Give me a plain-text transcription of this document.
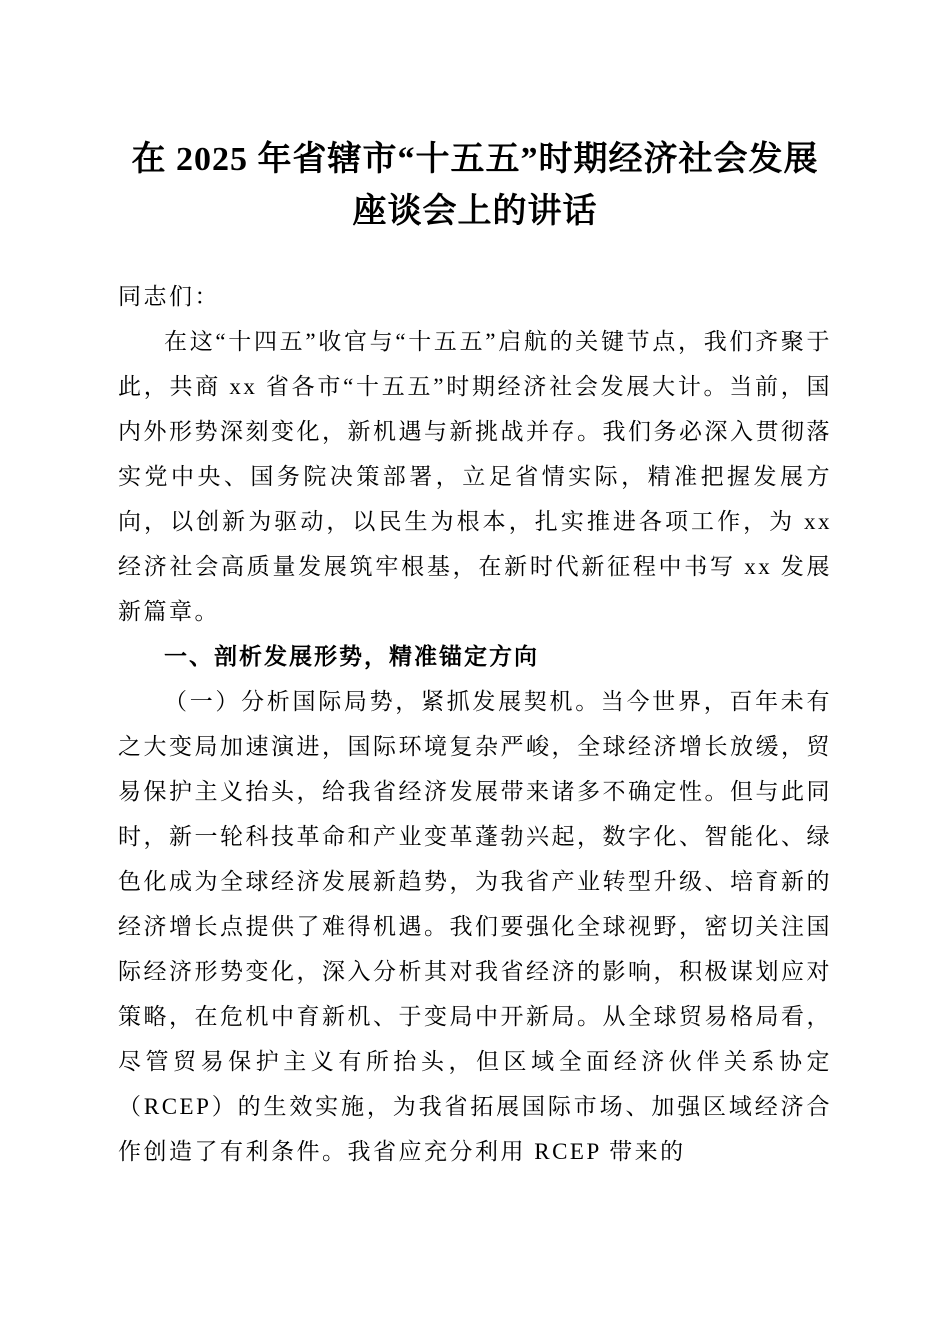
在 2025 年省辖市“十五五”时期经济社会发展座谈会上的讲话

同志们：

在这“十四五”收官与“十五五”启航的关键节点，我们齐聚于此，共商 xx 省各市“十五五”时期经济社会发展大计。当前，国内外形势深刻变化，新机遇与新挑战并存。我们务必深入贯彻落实党中央、国务院决策部署，立足省情实际，精准把握发展方向，以创新为驱动，以民生为根本，扎实推进各项工作，为 xx 经济社会高质量发展筑牢根基，在新时代新征程中书写 xx 发展新篇章。

一、剖析发展形势，精准锚定方向

（一）分析国际局势，紧抓发展契机。当今世界，百年未有之大变局加速演进，国际环境复杂严峻，全球经济增长放缓，贸易保护主义抬头，给我省经济发展带来诸多不确定性。但与此同时，新一轮科技革命和产业变革蓬勃兴起，数字化、智能化、绿色化成为全球经济发展新趋势，为我省产业转型升级、培育新的经济增长点提供了难得机遇。我们要强化全球视野，密切关注国际经济形势变化，深入分析其对我省经济的影响，积极谋划应对策略，在危机中育新机、于变局中开新局。从全球贸易格局看，尽管贸易保护主义有所抬头，但区域全面经济伙伴关系协定（RCEP）的生效实施，为我省拓展国际市场、加强区域经济合作创造了有利条件。我省应充分利用 RCEP 带来的
